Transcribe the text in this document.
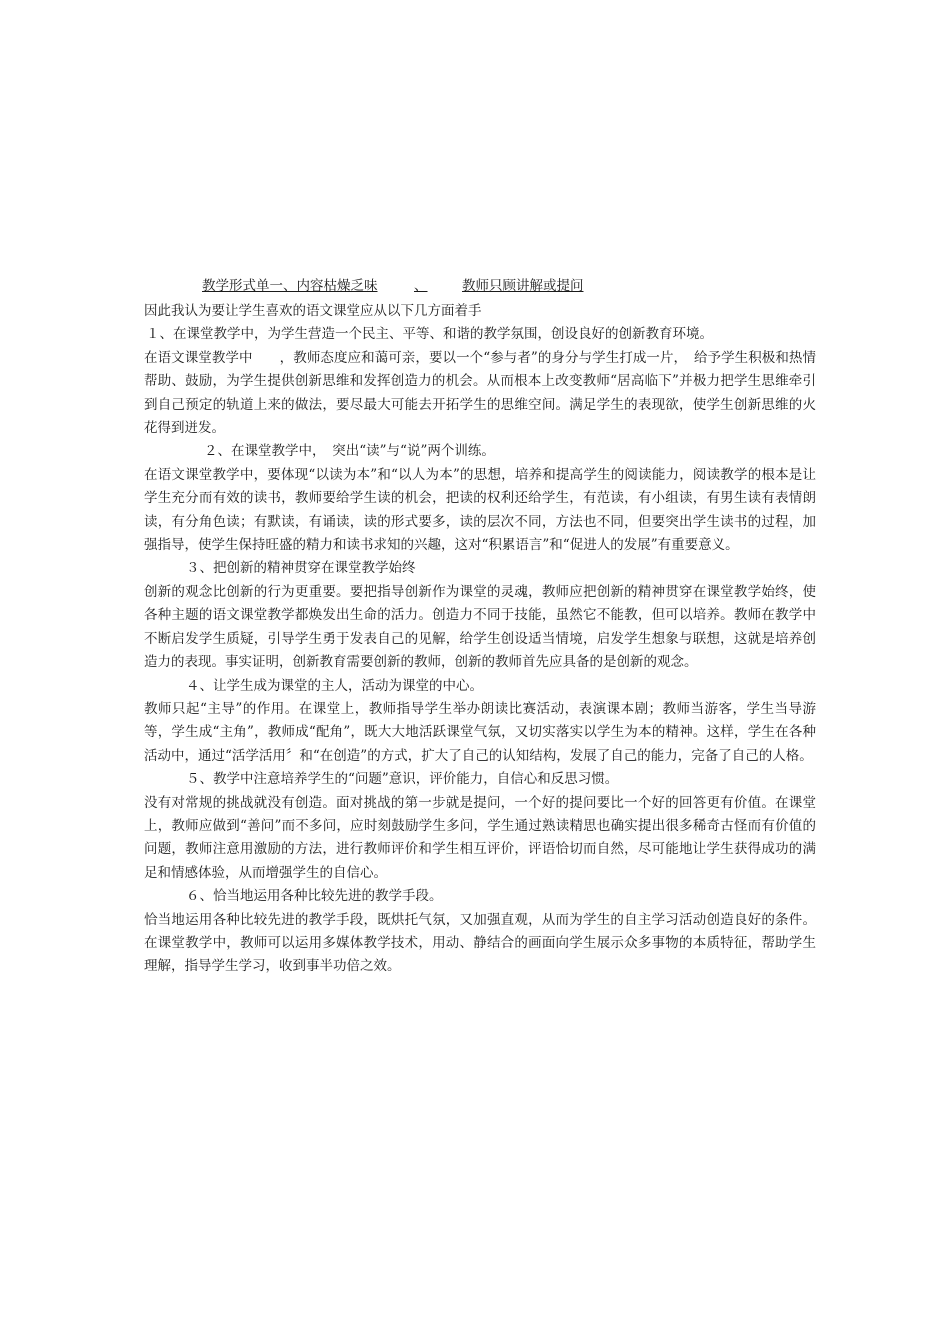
教学形式单一、内容枯燥乏味	、	教师只顾讲解或提问

因此我认为要让学生喜欢的语文课堂应从以下几方面着手

１、在课堂教学中，为学生营造一个民主、平等、和谐的教学氛围，创设良好的创新教育环境。

在语文课堂教学中　　，教师态度应和蔼可亲，要以一个“参与者”的身分与学生打成一片，　给予学生积极和热情帮助、鼓励，为学生提供创新思维和发挥创造力的机会。从而根本上改变教师“居高临下”并极力把学生思维牵引到自己预定的轨道上来的做法，要尽最大可能去开拓学生的思维空间。满足学生的表现欲，使学生创新思维的火花得到迸发。

２、在课堂教学中，　突出“读”与“说”两个训练。

在语文课堂教学中，要体现“以读为本”和“以人为本”的思想，培养和提高学生的阅读能力，阅读教学的根本是让学生充分而有效的读书，教师要给学生读的机会，把读的权利还给学生，有范读，有小组读，有男生读有表情朗读，有分角色读；有默读，有诵读，读的形式要多，读的层次不同，方法也不同，但要突出学生读书的过程，加强指导，使学生保持旺盛的精力和读书求知的兴趣，这对“积累语言”和“促进人的发展”有重要意义。

３、把创新的精神贯穿在课堂教学始终

创新的观念比创新的行为更重要。要把指导创新作为课堂的灵魂，教师应把创新的精神贯穿在课堂教学始终，使各种主题的语文课堂教学都焕发出生命的活力。创造力不同于技能，虽然它不能教，但可以培养。教师在教学中不断启发学生质疑，引导学生勇于发表自己的见解，给学生创设适当情境，启发学生想象与联想，这就是培养创造力的表现。事实证明，创新教育需要创新的教师，创新的教师首先应具备的是创新的观念。

４、让学生成为课堂的主人，活动为课堂的中心。

教师只起“主导”的作用。在课堂上，教师指导学生举办朗读比赛活动，表演课本剧；教师当游客，学生当导游等，学生成“主角”，教师成“配角”，既大大地活跃课堂气氛，又切实落实以学生为本的精神。这样，学生在各种活动中，通过“活学活用〞和“在创造”的方式，扩大了自己的认知结构，发展了自己的能力，完备了自己的人格。

５、教学中注意培养学生的“问题”意识，评价能力，自信心和反思习惯。

没有对常规的挑战就没有创造。面对挑战的第一步就是提问，一个好的提问要比一个好的回答更有价值。在课堂上，教师应做到“善问”而不多问，应时刻鼓励学生多问，学生通过熟读精思也确实提出很多稀奇古怪而有价值的问题，教师注意用激励的方法，进行教师评价和学生相互评价，评语恰切而自然，尽可能地让学生获得成功的满足和情感体验，从而增强学生的自信心。

６、恰当地运用各种比较先进的教学手段。

恰当地运用各种比较先进的教学手段，既烘托气氛，又加强直观，从而为学生的自主学习活动创造良好的条件。在课堂教学中，教师可以运用多媒体教学技术，用动、静结合的画面向学生展示众多事物的本质特征，帮助学生理解，指导学生学习，收到事半功倍之效。
